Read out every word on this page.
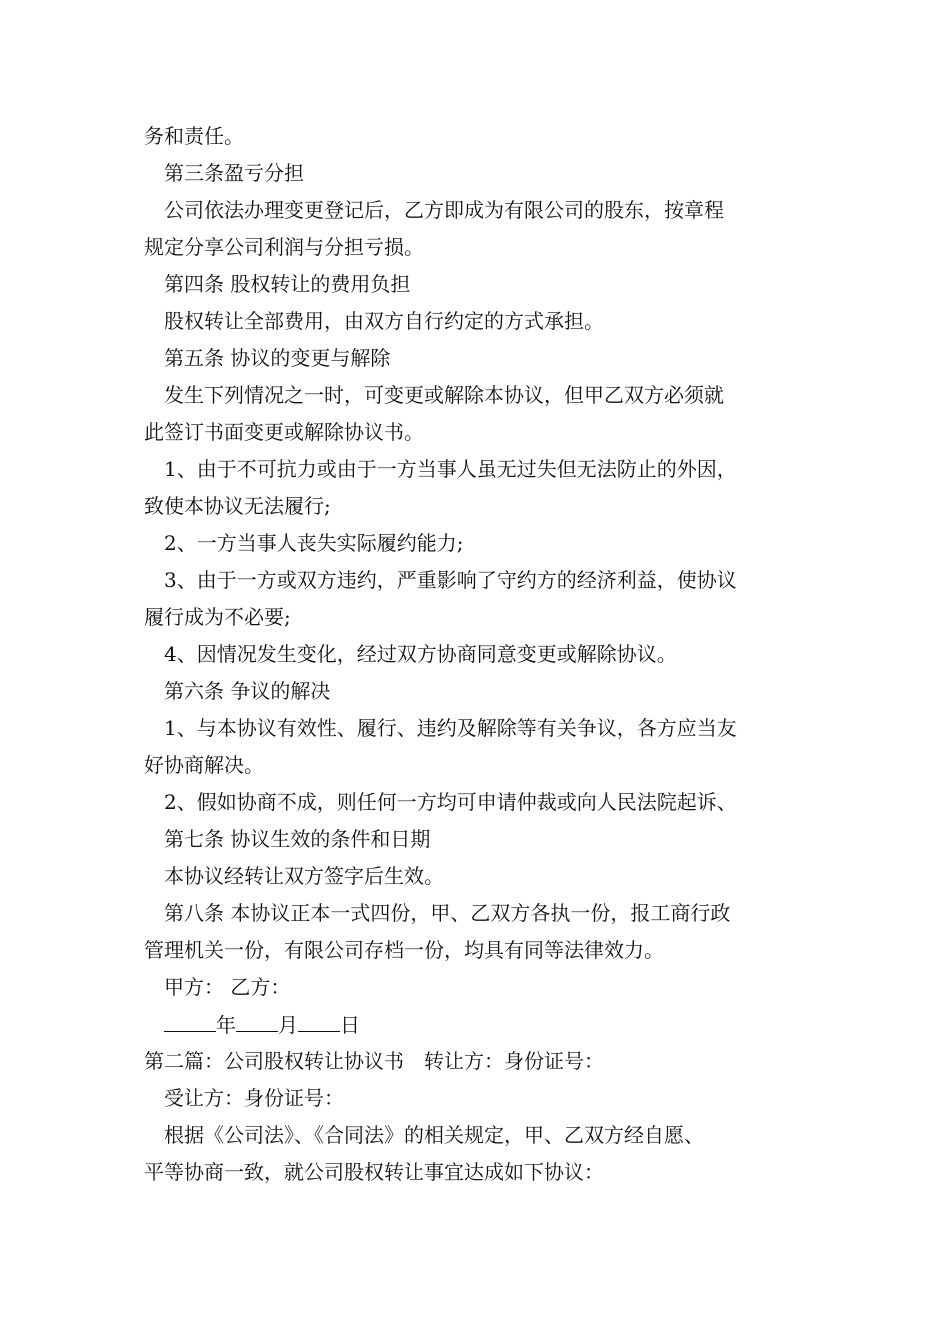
务和责任。
第三条盈亏分担
公司依法办理变更登记后，乙方即成为有限公司的股东，按章程
规定分享公司利润与分担亏损。
第四条 股权转让的费用负担
股权转让全部费用，由双方自行约定的方式承担。
第五条 协议的变更与解除
发生下列情况之一时，可变更或解除本协议，但甲乙双方必须就
此签订书面变更或解除协议书。
1、由于不可抗力或由于一方当事人虽无过失但无法防止的外因，
致使本协议无法履行;
2、一方当事人丧失实际履约能力;
3、由于一方或双方违约，严重影响了守约方的经济利益，使协议
履行成为不必要;
4、因情况发生变化，经过双方协商同意变更或解除协议。
第六条 争议的解决
1、与本协议有效性、履行、违约及解除等有关争议，各方应当友
好协商解决。
2、假如协商不成，则任何一方均可申请仲裁或向人民法院起诉、
第七条 协议生效的条件和日期
本协议经转让双方签字后生效。
第八条 本协议正本一式四份，甲、乙双方各执一份，报工商行政
管理机关一份，有限公司存档一份，均具有同等法律效力。
甲方： 乙方：
年 月 日
第二篇：公司股权转让协议书 转让方：身份证号：
受让方：身份证号：
根据《公司法》、《合同法》的相关规定，甲、乙双方经自愿、
平等协商一致，就公司股权转让事宜达成如下协议：
